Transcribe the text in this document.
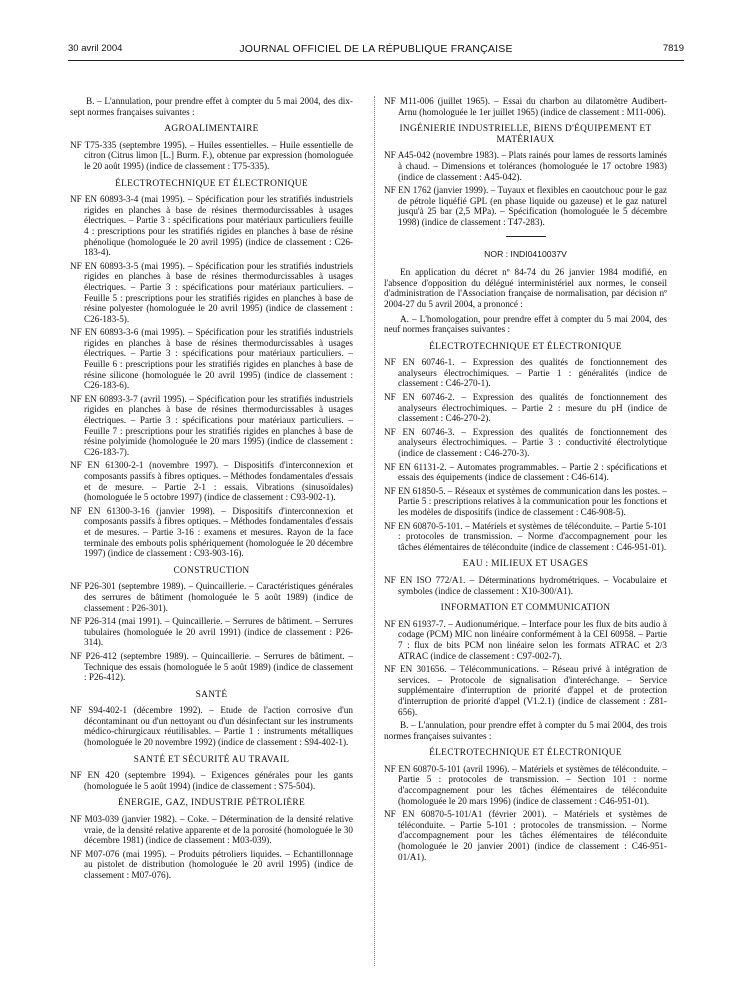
30 avril 2004	JOURNAL OFFICIEL DE LA RÉPUBLIQUE FRANÇAISE	7819

B. – L'annulation, pour prendre effet à compter du 5 mai 2004, des dix-sept normes françaises suivantes :

AGROALIMENTAIRE

NF T75-335 (septembre 1995). – Huiles essentielles. – Huile essentielle de citron (Citrus limon [L.] Burm. F.), obtenue par expression (homologuée le 20 août 1995) (indice de classement : T75-335).

ÉLECTROTECHNIQUE ET ÉLECTRONIQUE

NF EN 60893-3-4 (mai 1995). – Spécification pour les stratifiés industriels rigides en planches à base de résines thermodurcissables à usages électriques. – Partie 3 : spécifications pour matériaux particuliers feuille 4 : prescriptions pour les stratifiés rigides en planches à base de résine phénolique (homologuée le 20 avril 1995) (indice de classement : C26-183-4).

NF EN 60893-3-5 (mai 1995). – Spécification pour les stratifiés industriels rigides en planches à base de résines thermodurcissables à usages électriques. – Partie 3 : spécifications pour matériaux particuliers. – Feuille 5 : prescriptions pour les stratifiés rigides en planches à base de résine polyester (homologuée le 20 avril 1995) (indice de classement : C26-183-5).

NF EN 60893-3-6 (mai 1995). – Spécification pour les stratifiés industriels rigides en planches à base de résines thermodurcissables à usages électriques. – Partie 3 : spécifications pour matériaux particuliers. – Feuille 6 : prescriptions pour les stratifiés rigides en planches à base de résine silicone (homologuée le 20 avril 1995) (indice de classement : C26-183-6).

NF EN 60893-3-7 (avril 1995). – Spécification pour les stratifiés industriels rigides en planches à base de résines thermodurcissables à usages électriques. – Partie 3 : spécifications pour matériaux particuliers. – Feuille 7 : prescriptions pour les stratifiés rigides en planches à base de résine polyimide (homologuée le 20 mars 1995) (indice de classement : C26-183-7).

NF EN 61300-2-1 (novembre 1997). – Dispositifs d'interconnexion et composants passifs à fibres optiques. – Méthodes fondamentales d'essais et de mesure. – Partie 2-1 : essais. Vibrations (sinusoïdales) (homologuée le 5 octobre 1997) (indice de classement : C93-902-1).

NF EN 61300-3-16 (janvier 1998). – Dispositifs d'interconnexion et composants passifs à fibres optiques. – Méthodes fondamentales d'essais et de mesures. – Partie 3-16 : examens et mesures. Rayon de la face terminale des embouts polis sphériquement (homologuée le 20 décembre 1997) (indice de classement : C93-903-16).

CONSTRUCTION

NF P26-301 (septembre 1989). – Quincaillerie. – Caractéristiques générales des serrures de bâtiment (homologuée le 5 août 1989) (indice de classement : P26-301).

NF P26-314 (mai 1991). – Quincaillerie. – Serrures de bâtiment. – Serrures tubulaires (homologuée le 20 avril 1991) (indice de classement : P26-314).

NF P26-412 (septembre 1989). – Quincaillerie. – Serrures de bâtiment. – Technique des essais (homologuée le 5 août 1989) (indice de classement : P26-412).

SANTÉ

NF S94-402-1 (décembre 1992). – Etude de l'action corrosive d'un décontaminant ou d'un nettoyant ou d'un désinfectant sur les instruments médico-chirurgicaux réutilisables. – Partie 1 : instruments métalliques (homologuée le 20 novembre 1992) (indice de classement : S94-402-1).

SANTÉ ET SÉCURITÉ AU TRAVAIL

NF EN 420 (septembre 1994). – Exigences générales pour les gants (homologuée le 5 août 1994) (indice de classement : S75-504).

ÉNERGIE, GAZ, INDUSTRIE PÉTROLIÈRE

NF M03-039 (janvier 1982). – Coke. – Détermination de la densité relative vraie, de la densité relative apparente et de la porosité (homologuée le 30 décembre 1981) (indice de classement : M03-039).

NF M07-076 (mai 1995). – Produits pétroliers liquides. – Echantillonnage au pistolet de distribution (homologuée le 20 avril 1995) (indice de classement : M07-076).

NF M11-006 (juillet 1965). – Essai du charbon au dilatomètre Audibert-Arnu (homologuée le 1er juillet 1965) (indice de classement : M11-006).

INGÉNIERIE INDUSTRIELLE, BIENS D'ÉQUIPEMENT ET MATÉRIAUX

NF A45-042 (novembre 1983). – Plats rainés pour lames de ressorts laminés à chaud. – Dimensions et tolérances (homologuée le 17 octobre 1983) (indice de classement : A45-042).

NF EN 1762 (janvier 1999). – Tuyaux et flexibles en caoutchouc pour le gaz de pétrole liquéfié GPL (en phase liquide ou gazeuse) et le gaz naturel jusqu'à 25 bar (2,5 MPa). – Spécification (homologuée le 5 décembre 1998) (indice de classement : T47-283).

NOR : INDI0410037V

En application du décret nº 84-74 du 26 janvier 1984 modifié, en l'absence d'opposition du délégué interministériel aux normes, le conseil d'administration de l'Association française de normalisation, par décision nº 2004-27 du 5 avril 2004, a prononcé :

A. – L'homologation, pour prendre effet à compter du 5 mai 2004, des neuf normes françaises suivantes :

ÉLECTROTECHNIQUE ET ÉLECTRONIQUE

NF EN 60746-1. – Expression des qualités de fonctionnement des analyseurs électrochimiques. – Partie 1 : généralités (indice de classement : C46-270-1).

NF EN 60746-2. – Expression des qualités de fonctionnement des analyseurs électrochimiques. – Partie 2 : mesure du pH (indice de classement : C46-270-2).

NF EN 60746-3. – Expression des qualités de fonctionnement des analyseurs électrochimiques. – Partie 3 : conductivité électrolytique (indice de classement : C46-270-3).

NF EN 61131-2. – Automates programmables. – Partie 2 : spécifications et essais des équipements (indice de classement : C46-614).

NF EN 61850-5. – Réseaux et systèmes de communication dans les postes. – Partie 5 : prescriptions relatives à la communication pour les fonctions et les modèles de dispositifs (indice de classement : C46-908-5).

NF EN 60870-5-101. – Matériels et systèmes de téléconduite. – Partie 5-101 : protocoles de transmission. – Norme d'accompagnement pour les tâches élémentaires de téléconduite (indice de classement : C46-951-01).

EAU : MILIEUX ET USAGES

NF EN ISO 772/A1. – Déterminations hydrométriques. – Vocabulaire et symboles (indice de classement : X10-300/A1).

INFORMATION ET COMMUNICATION

NF EN 61937-7. – Audionumérique. – Interface pour les flux de bits audio à codage (PCM) MIC non linéaire conformément à la CEI 60958. – Partie 7 : flux de bits PCM non linéaire selon les formats ATRAC et 2/3 ATRAC (indice de classement : C97-002-7).

NF EN 301656. – Télécommunications. – Réseau privé à intégration de services. – Protocole de signalisation d'interéchange. – Service supplémentaire d'interruption de priorité d'appel et de protection d'interruption de priorité d'appel (V1.2.1) (indice de classement : Z81-656).

B. – L'annulation, pour prendre effet à compter du 5 mai 2004, des trois normes françaises suivantes :

ÉLECTROTECHNIQUE ET ÉLECTRONIQUE

NF EN 60870-5-101 (avril 1996). – Matériels et systèmes de téléconduite. – Partie 5 : protocoles de transmission. – Section 101 : norme d'accompagnement pour les tâches élémentaires de téléconduite (homologuée le 20 mars 1996) (indice de classement : C46-951-01).

NF EN 60870-5-101/A1 (février 2001). – Matériels et systèmes de téléconduite. – Partie 5-101 : protocoles de transmission. – Norme d'accompagnement pour les tâches élémentaires de téléconduite (homologuée le 20 janvier 2001) (indice de classement : C46-951-01/A1).
